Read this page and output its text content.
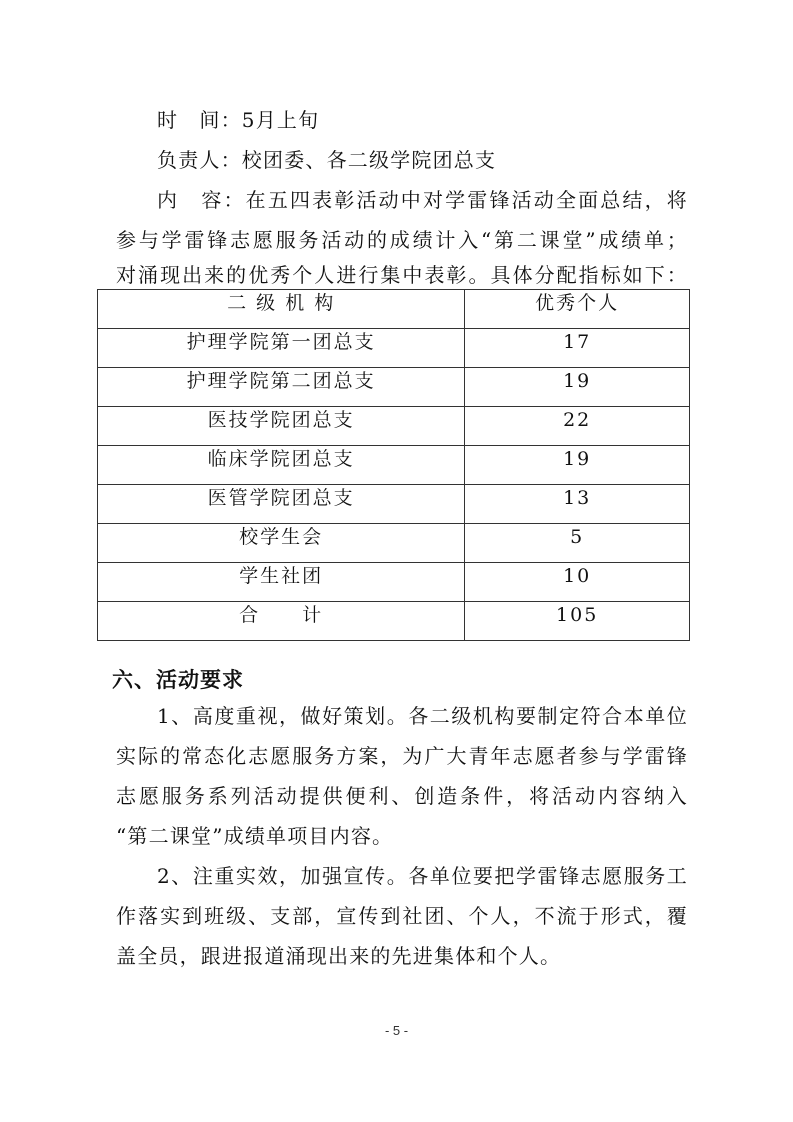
时　间：5月上旬
负责人：校团委、各二级学院团总支
内　容：在五四表彰活动中对学雷锋活动全面总结，将
参与学雷锋志愿服务活动的成绩计入“第二课堂”成绩单；
对涌现出来的优秀个人进行集中表彰。具体分配指标如下：
二 级 机 构	优秀个人
护理学院第一团总支	17
护理学院第二团总支	19
医技学院团总支	22
临床学院团总支	19
医管学院团总支	13
校学生会	5
学生社团	10
合　　计	105
六、活动要求
1、高度重视，做好策划。各二级机构要制定符合本单位
实际的常态化志愿服务方案，为广大青年志愿者参与学雷锋
志愿服务系列活动提供便利、创造条件，将活动内容纳入
“第二课堂”成绩单项目内容。
2、注重实效，加强宣传。各单位要把学雷锋志愿服务工
作落实到班级、支部，宣传到社团、个人，不流于形式，覆
盖全员，跟进报道涌现出来的先进集体和个人。
- 5 -
